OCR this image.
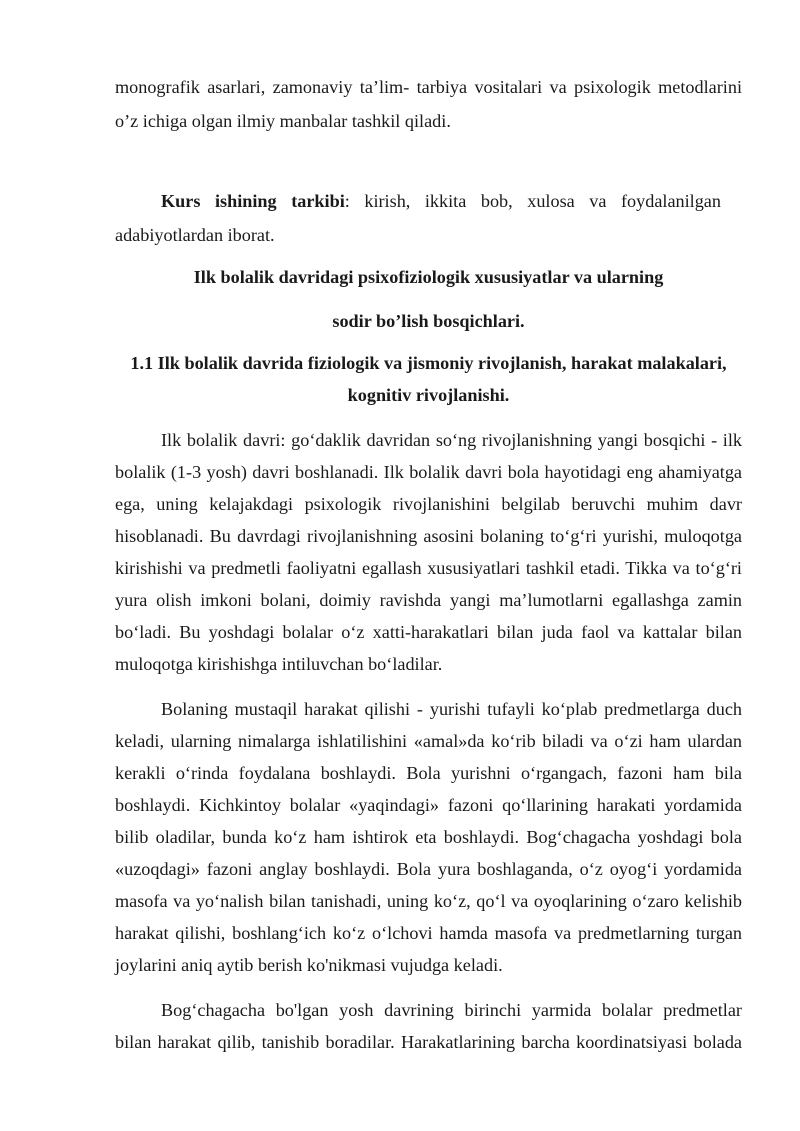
monografik asarlari, zamonaviy ta’lim- tarbiya vositalari va psixologik metodlarini
o’z ichiga olgan ilmiy manbalar tashkil qiladi.
Kurs ishining tarkibi: kirish, ikkita bob, xulosa va foydalanilgan
adabiyotlardan iborat.
Ilk bolalik davridagi psixofiziologik xususiyatlar va ularning
sodir bo’lish bosqichlari.
1.1 Ilk bolalik davrida fiziologik va jismoniy rivojlanish, harakat malakalari,
kognitiv rivojlanishi.
Ilk bolalik davri: go‘daklik davridan so‘ng rivojlanishning yangi bosqichi - ilk
bolalik (1-3 yosh) davri boshlanadi. Ilk bolalik davri bola hayotidagi eng ahamiyatga
ega, uning kelajakdagi psixologik rivojlanishini belgilab beruvchi muhim davr
hisoblanadi. Bu davrdagi rivojlanishning asosini bolaning to‘g‘ri yurishi, muloqotga
kirishishi va predmetli faoliyatni egallash xususiyatlari tashkil etadi. Tikka va to‘g‘ri
yura olish imkoni bolani, doimiy ravishda yangi ma’lumotlarni egallashga zamin
bo‘ladi. Bu yoshdagi bolalar o‘z xatti-harakatlari bilan juda faol va kattalar bilan
muloqotga kirishishga intiluvchan bo‘ladilar.
Bolaning mustaqil harakat qilishi - yurishi tufayli ko‘plab predmetlarga duch
keladi, ularning nimalarga ishlatilishini «amal»da ko‘rib biladi va o‘zi ham ulardan
kerakli o‘rinda foydalana boshlaydi. Bola yurishni o‘rgangach, fazoni ham bila
boshlaydi. Kichkintoy bolalar «yaqindagi» fazoni qo‘llarining harakati yordamida
bilib oladilar, bunda ko‘z ham ishtirok eta boshlaydi. Bog‘chagacha yoshdagi bola
«uzoqdagi» fazoni anglay boshlaydi. Bola yura boshlaganda, o‘z oyog‘i yordamida
masofa va yo‘nalish bilan tanishadi, uning ko‘z, qo‘l va oyoqlarining o‘zaro kelishib
harakat qilishi, boshlang‘ich ko‘z o‘lchovi hamda masofa va predmetlarning turgan
joylarini aniq aytib berish ko'nikmasi vujudga keladi.
Bog‘chagacha bo'lgan yosh davrining birinchi yarmida bolalar predmetlar
bilan harakat qilib, tanishib boradilar. Harakatlarining barcha koordinatsiyasi bolada
